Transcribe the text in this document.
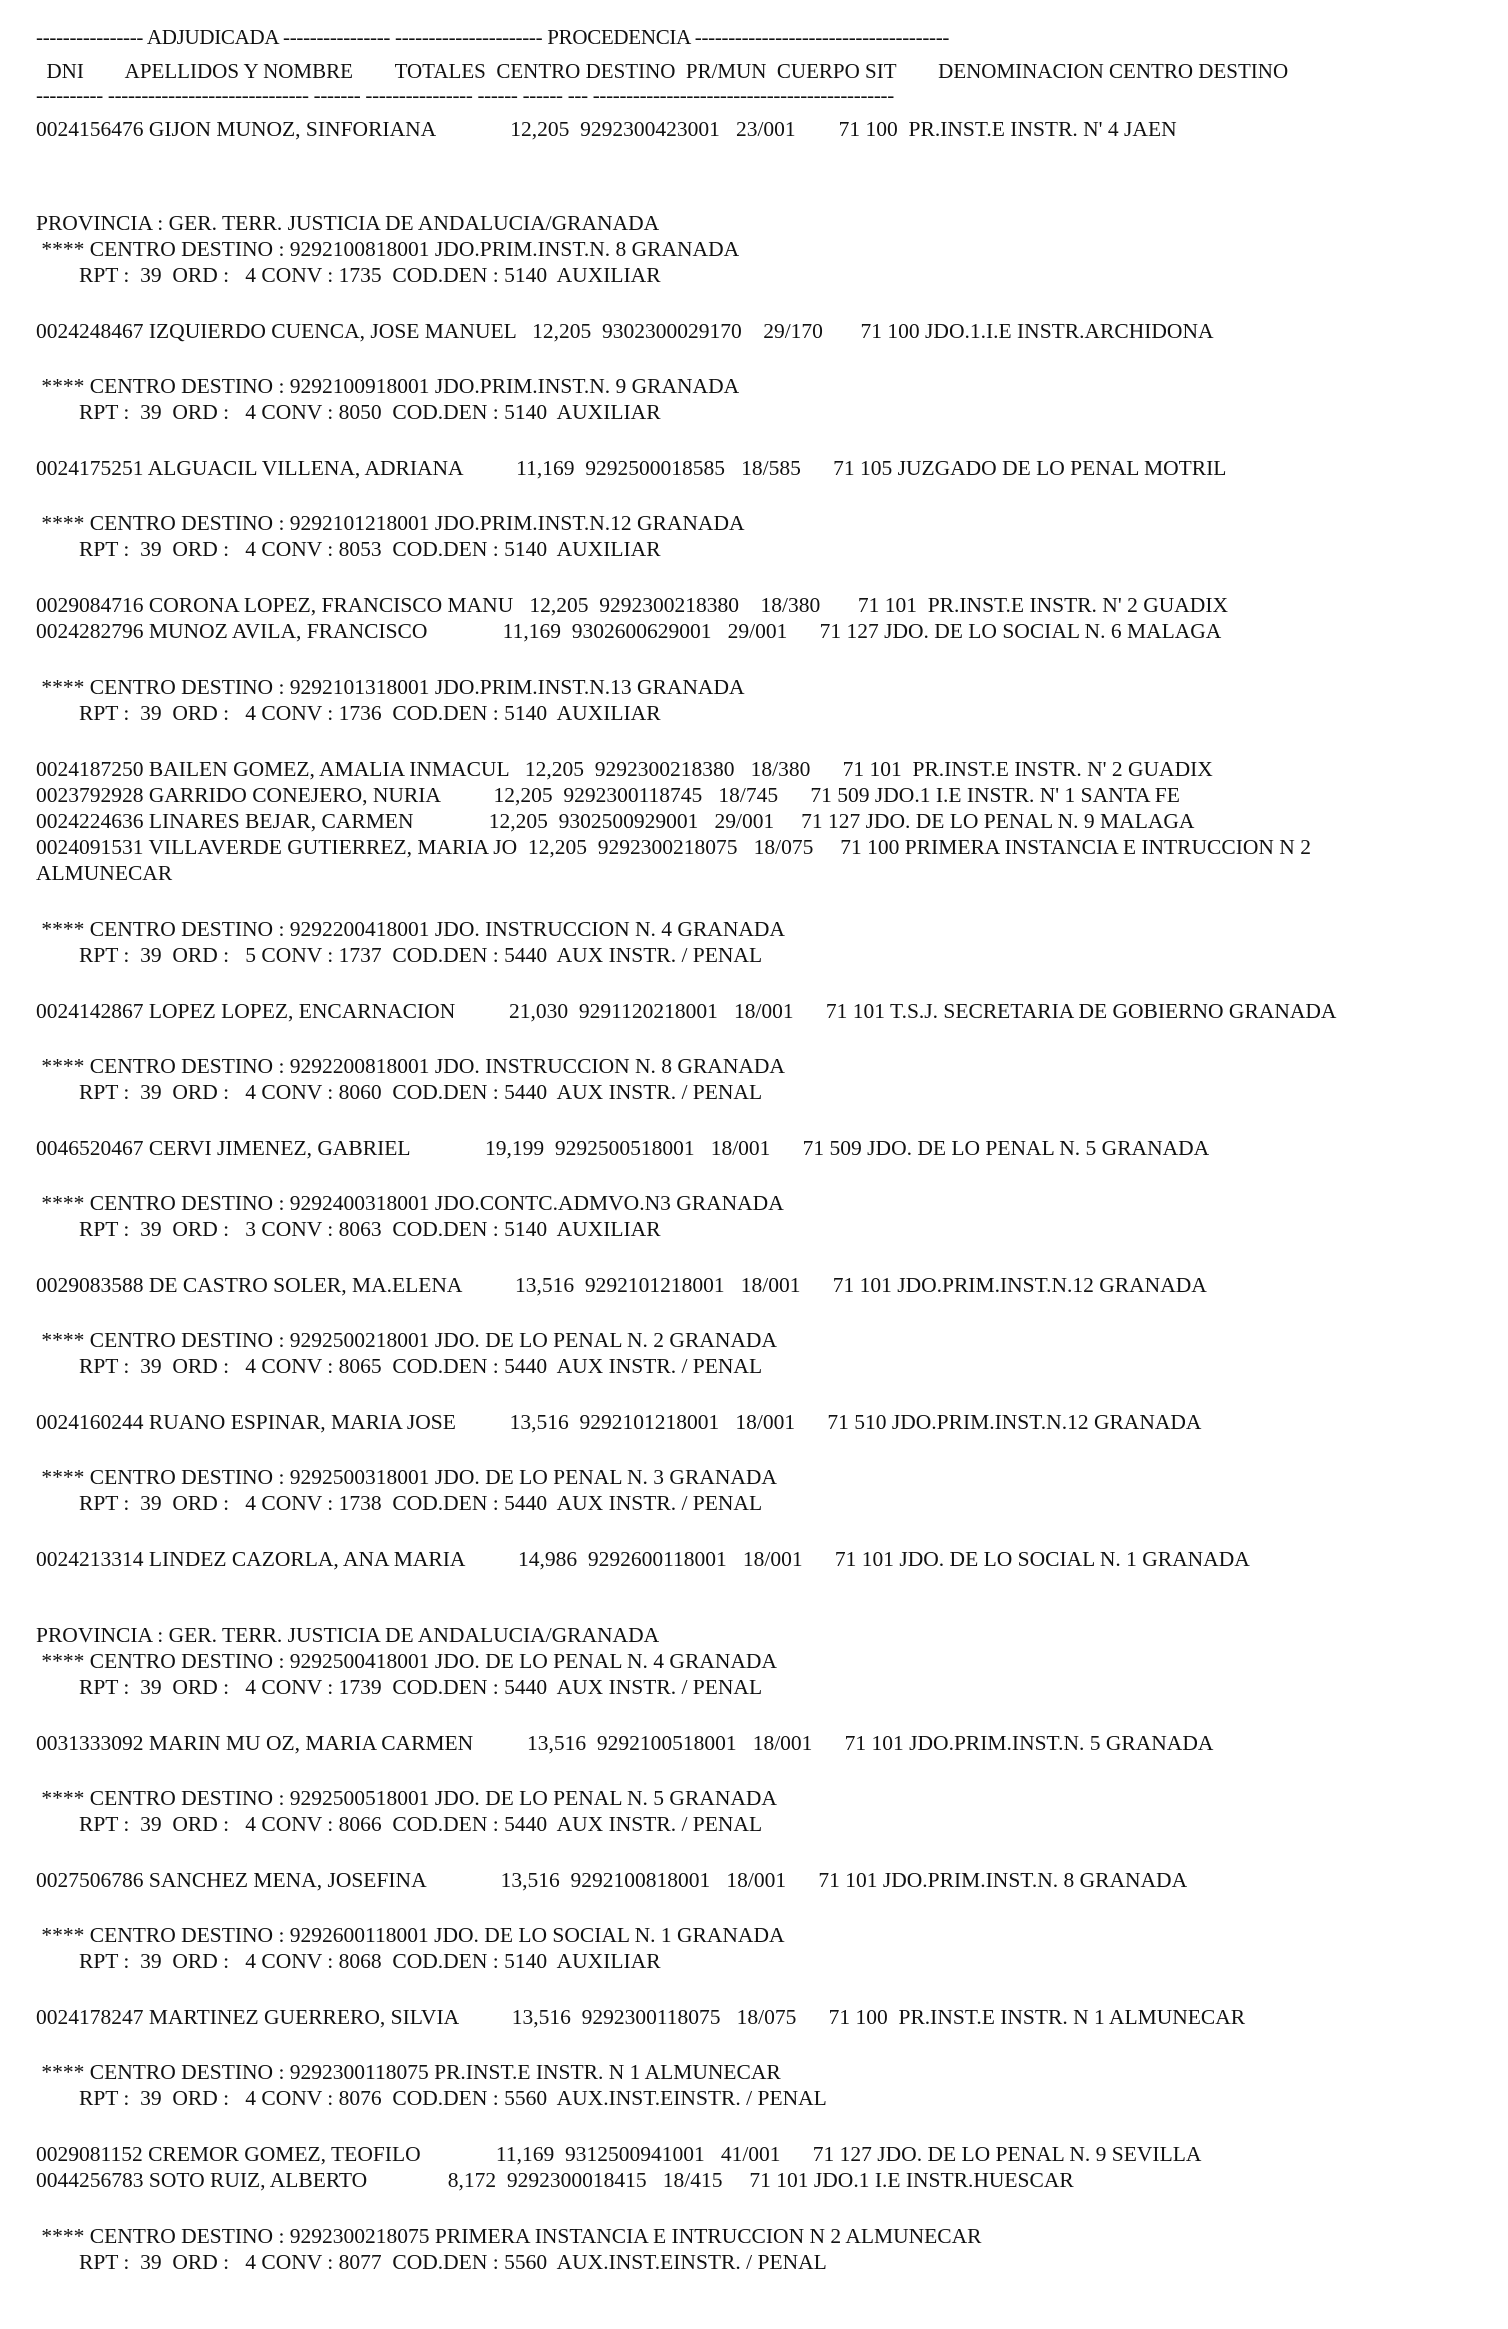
---------------- ADJUDICADA ---------------- ---------------------- PROCEDENCIA --------------------------------------
DNI        APELLIDOS Y NOMBRE        TOTALES  CENTRO DESTINO  PR/MUN  CUERPO SIT        DENOMINACION CENTRO DESTINO
---------- ------------------------------ ------- ---------------- ------ ------ --- ---------------------------------------------
0024156476 GIJON MUNOZ, SINFORIANA              12,205  9292300423001   23/001        71 100  PR.INST.E INSTR. N' 4 JAEN
PROVINCIA : GER. TERR. JUSTICIA DE ANDALUCIA/GRANADA
**** CENTRO DESTINO : 9292100818001 JDO.PRIM.INST.N. 8 GRANADA
RPT :  39  ORD :   4 CONV : 1735  COD.DEN : 5140  AUXILIAR
0024248467 IZQUIERDO CUENCA, JOSE MANUEL   12,205  9302300029170    29/170       71 100 JDO.1.I.E INSTR.ARCHIDONA
**** CENTRO DESTINO : 9292100918001 JDO.PRIM.INST.N. 9 GRANADA
RPT :  39  ORD :   4 CONV : 8050  COD.DEN : 5140  AUXILIAR
0024175251 ALGUACIL VILLENA, ADRIANA          11,169  9292500018585   18/585      71 105 JUZGADO DE LO PENAL MOTRIL
**** CENTRO DESTINO : 9292101218001 JDO.PRIM.INST.N.12 GRANADA
RPT :  39  ORD :   4 CONV : 8053  COD.DEN : 5140  AUXILIAR
0029084716 CORONA LOPEZ, FRANCISCO MANU   12,205  9292300218380    18/380       71 101  PR.INST.E INSTR. N' 2 GUADIX
0024282796 MUNOZ AVILA, FRANCISCO              11,169  9302600629001   29/001      71 127 JDO. DE LO SOCIAL N. 6 MALAGA
**** CENTRO DESTINO : 9292101318001 JDO.PRIM.INST.N.13 GRANADA
RPT :  39  ORD :   4 CONV : 1736  COD.DEN : 5140  AUXILIAR
0024187250 BAILEN GOMEZ, AMALIA INMACUL   12,205  9292300218380   18/380      71 101  PR.INST.E INSTR. N' 2 GUADIX
0023792928 GARRIDO CONEJERO, NURIA          12,205  9292300118745   18/745      71 509 JDO.1 I.E INSTR. N' 1 SANTA FE
0024224636 LINARES BEJAR, CARMEN              12,205  9302500929001   29/001     71 127 JDO. DE LO PENAL N. 9 MALAGA
0024091531 VILLAVERDE GUTIERREZ, MARIA JO  12,205  9292300218075   18/075     71 100 PRIMERA INSTANCIA E INTRUCCION N 2
ALMUNECAR
**** CENTRO DESTINO : 9292200418001 JDO. INSTRUCCION N. 4 GRANADA
RPT :  39  ORD :   5 CONV : 1737  COD.DEN : 5440  AUX INSTR. / PENAL
0024142867 LOPEZ LOPEZ, ENCARNACION          21,030  9291120218001   18/001      71 101 T.S.J. SECRETARIA DE GOBIERNO GRANADA
**** CENTRO DESTINO : 9292200818001 JDO. INSTRUCCION N. 8 GRANADA
RPT :  39  ORD :   4 CONV : 8060  COD.DEN : 5440  AUX INSTR. / PENAL
0046520467 CERVI JIMENEZ, GABRIEL              19,199  9292500518001   18/001      71 509 JDO. DE LO PENAL N. 5 GRANADA
**** CENTRO DESTINO : 9292400318001 JDO.CONTC.ADMVO.N3 GRANADA
RPT :  39  ORD :   3 CONV : 8063  COD.DEN : 5140  AUXILIAR
0029083588 DE CASTRO SOLER, MA.ELENA          13,516  9292101218001   18/001      71 101 JDO.PRIM.INST.N.12 GRANADA
**** CENTRO DESTINO : 9292500218001 JDO. DE LO PENAL N. 2 GRANADA
RPT :  39  ORD :   4 CONV : 8065  COD.DEN : 5440  AUX INSTR. / PENAL
0024160244 RUANO ESPINAR, MARIA JOSE          13,516  9292101218001   18/001      71 510 JDO.PRIM.INST.N.12 GRANADA
**** CENTRO DESTINO : 9292500318001 JDO. DE LO PENAL N. 3 GRANADA
RPT :  39  ORD :   4 CONV : 1738  COD.DEN : 5440  AUX INSTR. / PENAL
0024213314 LINDEZ CAZORLA, ANA MARIA          14,986  9292600118001   18/001      71 101 JDO. DE LO SOCIAL N. 1 GRANADA
PROVINCIA : GER. TERR. JUSTICIA DE ANDALUCIA/GRANADA
**** CENTRO DESTINO : 9292500418001 JDO. DE LO PENAL N. 4 GRANADA
RPT :  39  ORD :   4 CONV : 1739  COD.DEN : 5440  AUX INSTR. / PENAL
0031333092 MARIN MU OZ, MARIA CARMEN          13,516  9292100518001   18/001      71 101 JDO.PRIM.INST.N. 5 GRANADA
**** CENTRO DESTINO : 9292500518001 JDO. DE LO PENAL N. 5 GRANADA
RPT :  39  ORD :   4 CONV : 8066  COD.DEN : 5440  AUX INSTR. / PENAL
0027506786 SANCHEZ MENA, JOSEFINA              13,516  9292100818001   18/001      71 101 JDO.PRIM.INST.N. 8 GRANADA
**** CENTRO DESTINO : 9292600118001 JDO. DE LO SOCIAL N. 1 GRANADA
RPT :  39  ORD :   4 CONV : 8068  COD.DEN : 5140  AUXILIAR
0024178247 MARTINEZ GUERRERO, SILVIA          13,516  9292300118075   18/075      71 100  PR.INST.E INSTR. N 1 ALMUNECAR
**** CENTRO DESTINO : 9292300118075 PR.INST.E INSTR. N 1 ALMUNECAR
RPT :  39  ORD :   4 CONV : 8076  COD.DEN : 5560  AUX.INST.EINSTR. / PENAL
0029081152 CREMOR GOMEZ, TEOFILO              11,169  9312500941001   41/001      71 127 JDO. DE LO PENAL N. 9 SEVILLA
0044256783 SOTO RUIZ, ALBERTO               8,172  9292300018415   18/415     71 101 JDO.1 I.E INSTR.HUESCAR
**** CENTRO DESTINO : 9292300218075 PRIMERA INSTANCIA E INTRUCCION N 2 ALMUNECAR
RPT :  39  ORD :   4 CONV : 8077  COD.DEN : 5560  AUX.INST.EINSTR. / PENAL
